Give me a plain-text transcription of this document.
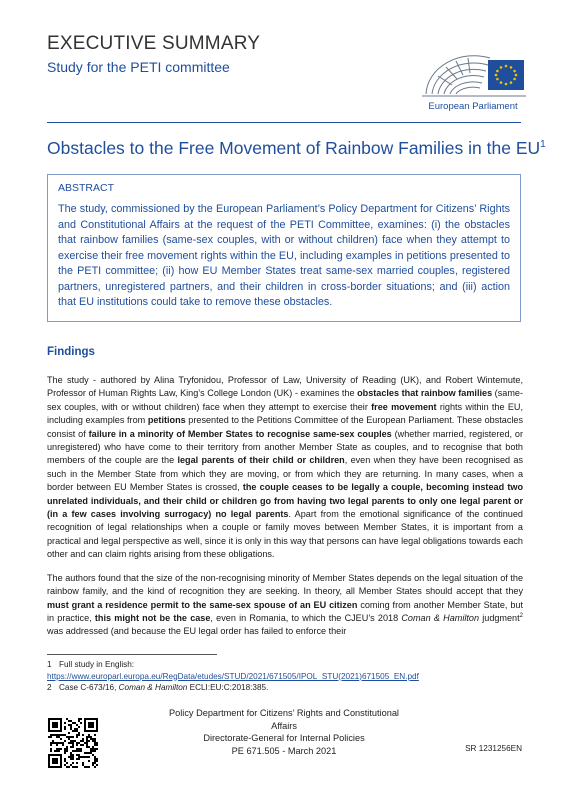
EXECUTIVE SUMMARY
Study for the PETI committee
European Parliament
Obstacles to the Free Movement of Rainbow Families in the $EU^1$
ABSTRACT
The study, commissioned by the European Parliament’s Policy Department for Citizens’ Rights and Constitutional Affairs at the request of the PETI Committee, examines: (i) the obstacles that rainbow families (same-sex couples, with or without children) face when they attempt to exercise their free movement rights within the EU, including examples in petitions presented to the PETI committee; (ii) how EU Member States treat same-sex married couples, registered partners, unregistered partners, and their children in cross-border situations; and (iii) action that EU institutions could take to remove these obstacles.
Findings

The study - authored by Alina Tryfonidou, Professor of Law, University of Reading (UK), and Robert Wintemute, Professor of Human Rights Law, King’s College London (UK) - examines the obstacles that rainbow families (same-sex couples, with or without children) face when they attempt to exercise their free movement rights within the EU, including examples from petitions presented to the Petitions Committee of the European Parliament. These obstacles consist of failure in a minority of Member States to recognise same-sex couples (whether married, registered, or unregistered) who have come to their territory from another Member State as couples, and to recognise that both members of the couple are the legal parents of their child or children, even when they have been recognised as such in the Member State from which they are moving, or from which they are returning. In many cases, when a border between EU Member States is crossed, the couple ceases to be legally a couple, becoming instead two unrelated individuals, and their child or children go from having two legal parents to only one legal parent or (in a few cases involving surrogacy) no legal parents. Apart from the emotional significance of the continued recognition of legal relationships when a couple or family moves between Member States, it is important from a practical and legal perspective as well, since it is only in this way that persons can have legal obligations towards each other and can claim rights arising from these obligations.

The authors found that the size of the non-recognising minority of Member States depends on the legal situation of the rainbow family, and the kind of recognition they are seeking. In theory, all Member States should accept that they must grant a residence permit to the same-sex spouse of an EU citizen coming from another Member State, but in practice, this might not be the case, even in Romania, to which the CJEU’s 2018 Coman & Hamilton judgment$^2$ was addressed (and because the EU legal order has failed to enforce their

1 Full study in English:
https://www.europarl.europa.eu/RegData/etudes/STUD/2021/671505/IPOL_STU(2021)671505_EN.pdf
2 Case C-673/16, Coman & Hamilton ECLI:EU:C:2018:385.
Policy Department for Citizens’ Rights and Constitutional Affairs
Directorate-General for Internal Policies
PE 671.505 - March 2021	SR 1231256EN
